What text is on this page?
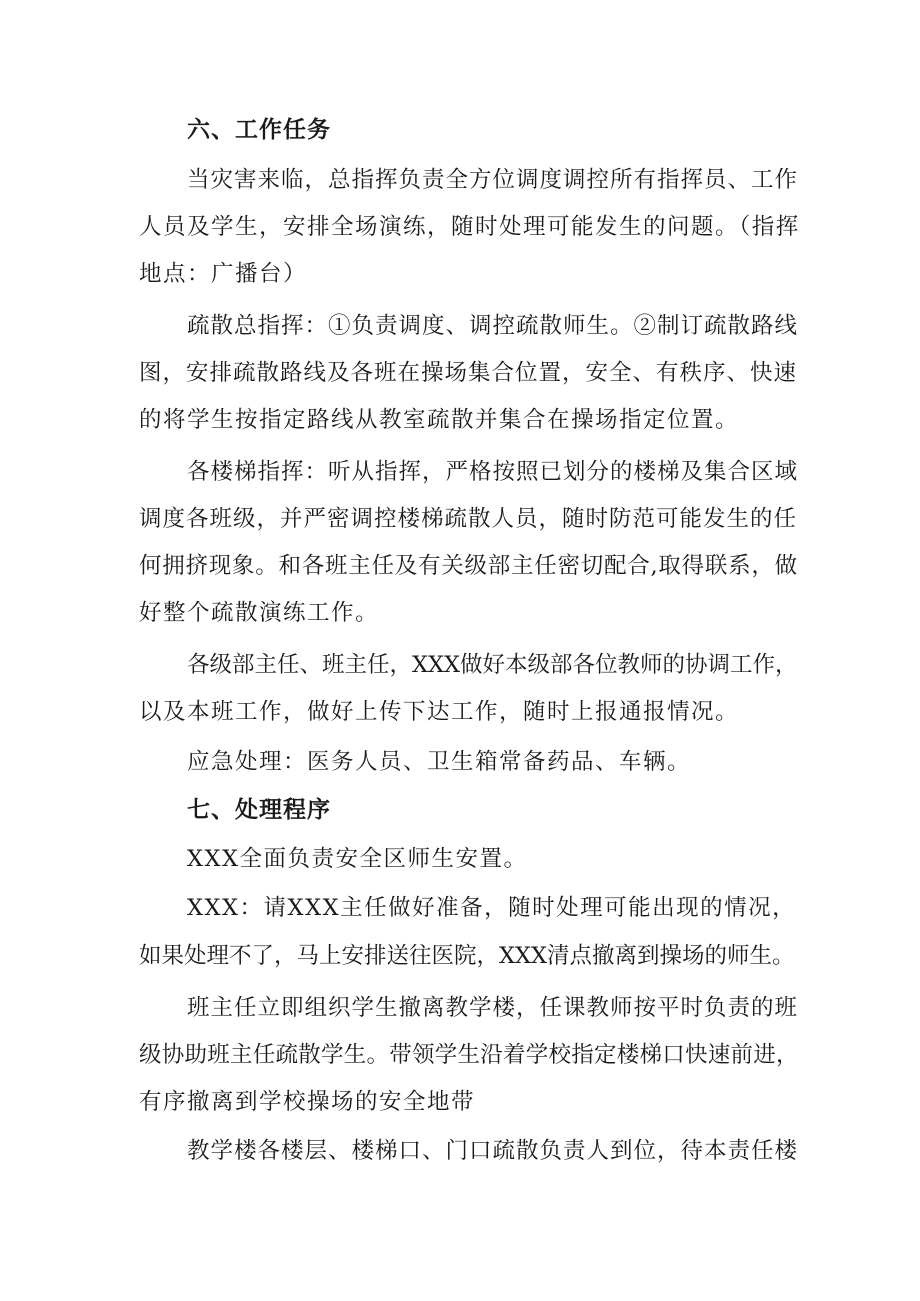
六、工作任务
当灾害来临，总指挥负责全方位调度调控所有指挥员、工作
人员及学生，安排全场演练，随时处理可能发生的问题。（指挥
地点：广播台）
疏散总指挥：①负责调度、调控疏散师生。②制订疏散路线
图，安排疏散路线及各班在操场集合位置，安全、有秩序、快速
的将学生按指定路线从教室疏散并集合在操场指定位置。
各楼梯指挥：听从指挥，严格按照已划分的楼梯及集合区域
调度各班级，并严密调控楼梯疏散人员，随时防范可能发生的任
何拥挤现象。和各班主任及有关级部主任密切配合,取得联系，做
好整个疏散演练工作。
各级部主任、班主任，XXX做好本级部各位教师的协调工作，
以及本班工作，做好上传下达工作，随时上报通报情况。
应急处理：医务人员、卫生箱常备药品、车辆。
七、处理程序
XXX全面负责安全区师生安置。
XXX：请XXX主任做好准备，随时处理可能出现的情况，
如果处理不了，马上安排送往医院，XXX清点撤离到操场的师生。
班主任立即组织学生撤离教学楼，任课教师按平时负责的班
级协助班主任疏散学生。带领学生沿着学校指定楼梯口快速前进，
有序撤离到学校操场的安全地带
教学楼各楼层、楼梯口、门口疏散负责人到位，待本责任楼
